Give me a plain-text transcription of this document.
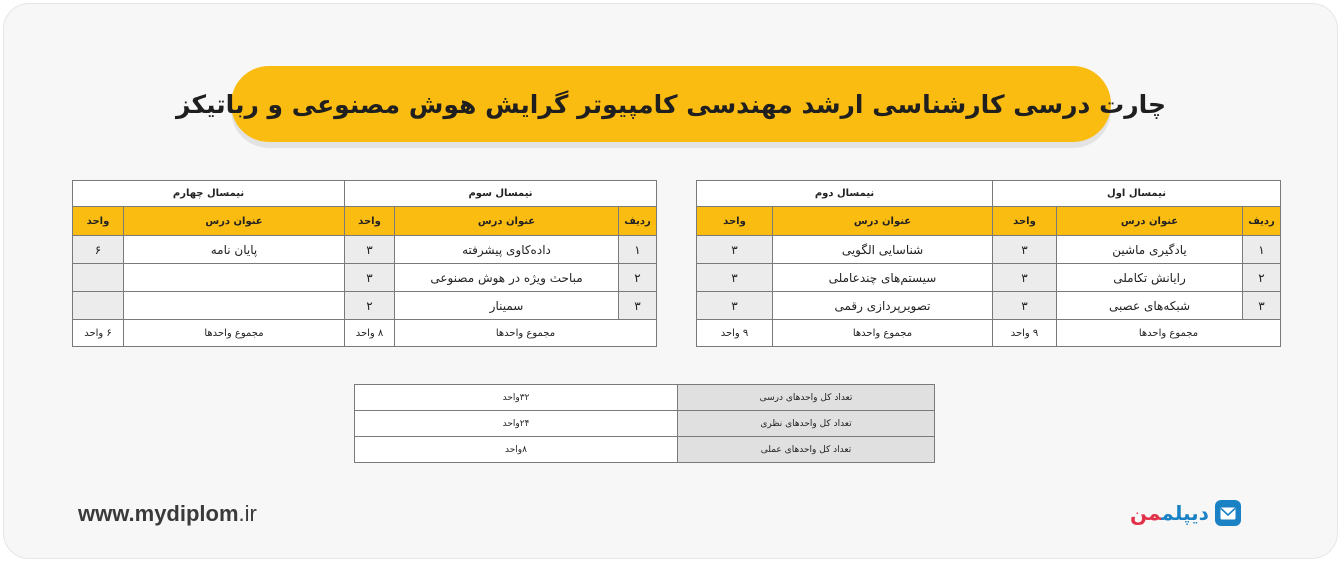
چارت درسی کارشناسی ارشد مهندسی کامپیوتر گرایش هوش مصنوعی و رباتیکز
نیمسال اول			نیمسال دوم	
ردیف	عنوان درس	واحد	عنوان درس	واحد
۱	یادگیری ماشین	۳	شناسایی الگویی	۳
۲	رایانش تکاملی	۳	سیستم‌های چندعاملی	۳
۳	شبکه‌های عصبی	۳	تصویرپردازی رقمی	۳
مجموع واحدها		۹ واحد	مجموع واحدها	۹ واحد
نیمسال سوم			نیمسال چهارم	
ردیف	عنوان درس	واحد	عنوان درس	واحد
۱	داده‌کاوی پیشرفته	۳	پایان نامه	۶
۲	مباحث ویژه در هوش مصنوعی	۳		
۳	سمینار	۲		
مجموع واحدها		۸ واحد	مجموع واحدها	۶ واحد
تعداد کل واحدهای درسی	۳۲واحد
تعداد کل واحدهای نظری	۲۴واحد
تعداد کل واحدهای عملی	۸واحد
www.mydiplom.ir	دیپلممن
